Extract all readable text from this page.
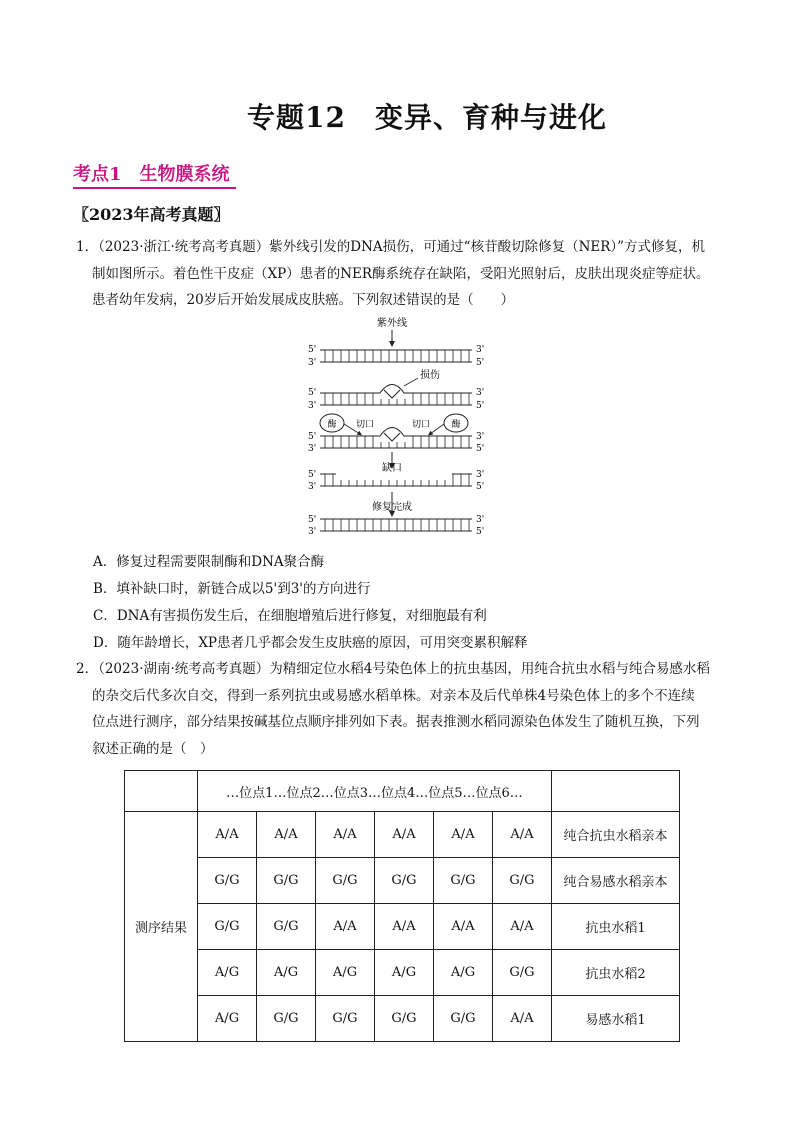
专题12　变异、育种与进化
考点1　生物膜系统
〖2023年高考真题〗
1．（2023·浙江·统考高考真题）紫外线引发的DNA损伤，可通过“核苷酸切除修复（NER）”方式修复，机
制如图所示。着色性干皮症（XP）患者的NER酶系统存在缺陷，受阳光照射后，皮肤出现炎症等症状。
患者幼年发病，20岁后开始发展成皮肤癌。下列叙述错误的是（　　）
紫外线
5'	3'
3'	5'
5'	3'
3'	5'
损伤
酶	酶
切口	切口
5'	3'
3'	5'
5'	3'
3'	5'
缺口
修复完成
5'	3'
3'	5'
A．修复过程需要限制酶和DNA聚合酶
B．填补缺口时，新链合成以5'到3'的方向进行
C．DNA有害损伤发生后，在细胞增殖后进行修复，对细胞最有利
D．随年龄增长，XP患者几乎都会发生皮肤癌的原因，可用突变累积解释
2．（2023·湖南·统考高考真题）为精细定位水稻4号染色体上的抗虫基因，用纯合抗虫水稻与纯合易感水稻
的杂交后代多次自交，得到一系列抗虫或易感水稻单株。对亲本及后代单株4号染色体上的多个不连续
位点进行测序，部分结果按碱基位点顺序排列如下表。据表推测水稻同源染色体发生了随机互换，下列
叙述正确的是（　）
	…位点1…位点2…位点3…位点4…位点5…位点6…						
测序结果	A/A	A/A	A/A	A/A	A/A	A/A	纯合抗虫水稻亲本
	G/G	G/G	G/G	G/G	G/G	G/G	纯合易感水稻亲本
	G/G	G/G	A/A	A/A	A/A	A/A	抗虫水稻1
	A/G	A/G	A/G	A/G	A/G	G/G	抗虫水稻2
	A/G	G/G	G/G	G/G	G/G	A/A	易感水稻1
